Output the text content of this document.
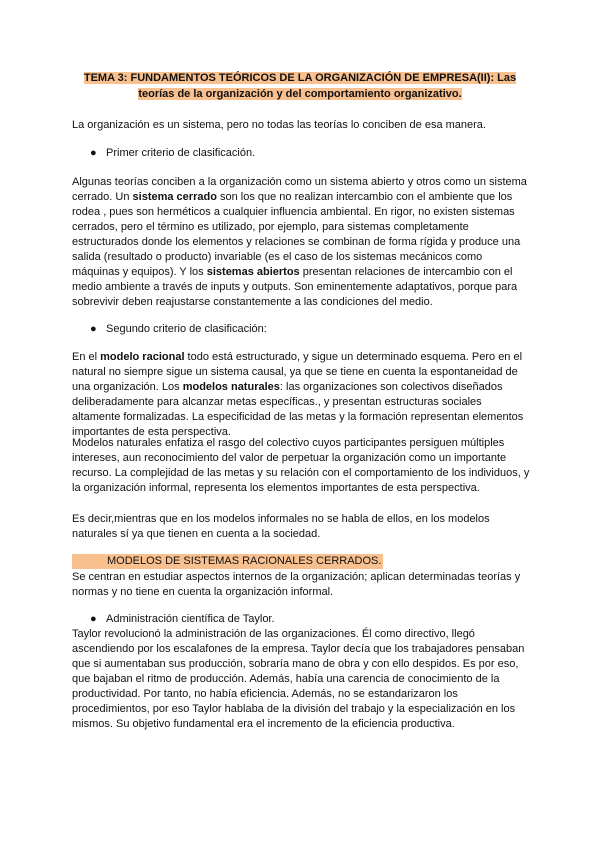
TEMA 3: FUNDAMENTOS TEÓRICOS DE LA ORGANIZACIÓN DE EMPRESA(II): Las
teorías de la organización y del comportamiento organizativo.

La organización es un sistema, pero no todas las teorías lo conciben de esa manera.

● Primer criterio de clasificación.

Algunas teorías conciben a la organización como un sistema abierto y otros como un sistema cerrado. Un sistema cerrado son los que no realizan intercambio con el ambiente que los rodea , pues son herméticos a cualquier influencia ambiental. En rigor, no existen sistemas cerrados, pero el término es utilizado, por ejemplo, para sistemas completamente estructurados donde los elementos y relaciones se combinan de forma rígida y produce una salida (resultado o producto) invariable (es el caso de los sistemas mecánicos como máquinas y equipos). Y los sistemas abiertos presentan relaciones de intercambio con el medio ambiente a través de inputs y outputs. Son eminentemente adaptativos, porque para sobrevivir deben reajustarse constantemente a las condiciones del medio.

● Segundo criterio de clasificación:

En el modelo racional todo está estructurado, y sigue un determinado esquema. Pero en el natural no siempre sigue un sistema causal, ya que se tiene en cuenta la espontaneidad de una organización. Los modelos naturales: las organizaciones son colectivos diseñados deliberadamente para alcanzar metas específicas., y presentan estructuras sociales altamente formalizadas. La especificidad de las metas y la formación representan elementos importantes de esta perspectiva.

Modelos naturales enfatiza el rasgo del colectivo cuyos participantes persiguen múltiples intereses, aun reconocimiento del valor de perpetuar la organización como un importante recurso. La complejidad de las metas y su relación con el comportamiento de los individuos, y la organización informal, representa los elementos importantes de esta perspectiva.

Es decir,mientras que en los modelos informales no se habla de ellos, en los modelos naturales sí ya que tienen en cuenta a la sociedad.

MODELOS DE SISTEMAS RACIONALES CERRADOS.

Se centran en estudiar aspectos internos de la organización; aplican determinadas teorías y normas y no tiene en cuenta la organización informal.

● Administración científica de Taylor.

Taylor revolucionó la administración de las organizaciones. Él como directivo, llegó ascendiendo por los escalafones de la empresa. Taylor decía que los trabajadores pensaban que si aumentaban sus producción, sobraría mano de obra y con ello despidos. Es por eso, que bajaban el ritmo de producción. Además, había una carencia de conocimiento de la productividad. Por tanto, no había eficiencia. Además, no se estandarizaron los procedimientos, por eso Taylor hablaba de la división del trabajo y la especialización en los mismos. Su objetivo fundamental era el incremento de la eficiencia productiva.
